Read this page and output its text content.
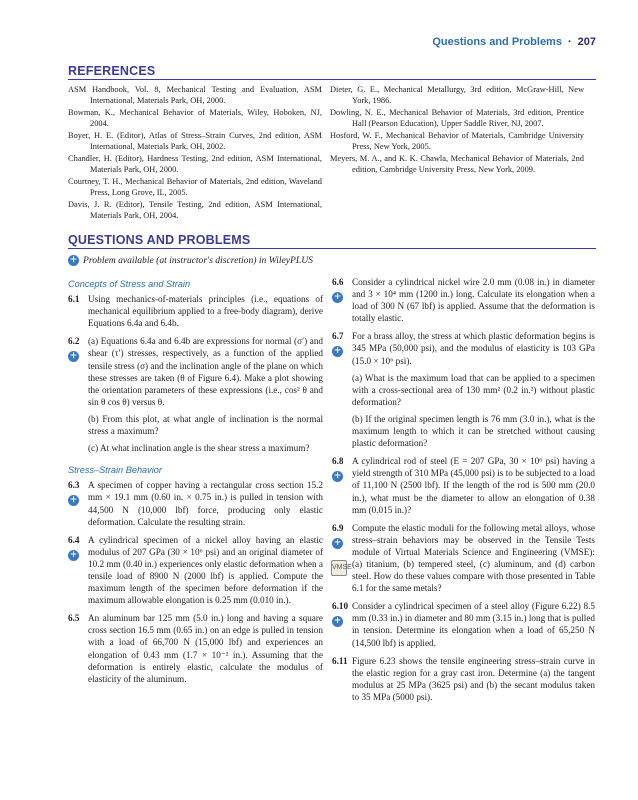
Questions and Problems · 207
REFERENCES
ASM Handbook, Vol. 8, Mechanical Testing and Evaluation, ASM International, Materials Park, OH, 2000.
Bowman, K., Mechanical Behavior of Materials, Wiley, Hoboken, NJ, 2004.
Boyer, H. E. (Editor), Atlas of Stress–Strain Curves, 2nd edition, ASM International, Materials Park, OH, 2002.
Chandler, H. (Editor), Hardness Testing, 2nd edition, ASM International, Materials Park, OH, 2000.
Courtney, T. H., Mechanical Behavior of Materials, 2nd edition, Waveland Press, Long Grove, IL, 2005.
Davis, J. R. (Editor), Tensile Testing, 2nd edition, ASM International, Materials Park, OH, 2004.
Dieter, G. E., Mechanical Metallurgy, 3rd edition, McGraw-Hill, New York, 1986.
Dowling, N. E., Mechanical Behavior of Materials, 3rd edition, Prentice Hall (Pearson Education), Upper Saddle River, NJ, 2007.
Hosford, W. F., Mechanical Behavior of Materials, Cambridge University Press, New York, 2005.
Meyers, M. A., and K. K. Chawla, Mechanical Behavior of Materials, 2nd edition, Cambridge University Press, New York, 2009.
QUESTIONS AND PROBLEMS
+ Problem available (at instructor's discretion) in WileyPLUS
Concepts of Stress and Strain
6.1 Using mechanics-of-materials principles (i.e., equations of mechanical equilibrium applied to a free-body diagram), derive Equations 6.4a and 6.4b.
6.2
+
(a) Equations 6.4a and 6.4b are expressions for normal (σ′) and shear (τ′) stresses, respectively, as a function of the applied tensile stress (σ) and the inclination angle of the plane on which these stresses are taken (θ of Figure 6.4). Make a plot showing the orientation parameters of these expressions (i.e., cos² θ and sin θ cos θ) versus θ.
(b) From this plot, at what angle of inclination is the normal stress a maximum?
(c) At what inclination angle is the shear stress a maximum?
Stress–Strain Behavior
6.3
+
A specimen of copper having a rectangular cross section 15.2 mm × 19.1 mm (0.60 in. × 0.75 in.) is pulled in tension with 44,500 N (10,000 lbf) force, producing only elastic deformation. Calculate the resulting strain.
6.4
+
A cylindrical specimen of a nickel alloy having an elastic modulus of 207 GPa (30 × 10⁶ psi) and an original diameter of 10.2 mm (0.40 in.) experiences only elastic deformation when a tensile load of 8900 N (2000 lbf) is applied. Compute the maximum length of the specimen before deformation if the maximum allowable elongation is 0.25 mm (0.010 in.).
6.5 An aluminum bar 125 mm (5.0 in.) long and having a square cross section 16.5 mm (0.65 in.) on an edge is pulled in tension with a load of 66,700 N (15,000 lbf) and experiences an elongation of 0.43 mm (1.7 × 10⁻² in.). Assuming that the deformation is entirely elastic, calculate the modulus of elasticity of the aluminum.
6.6
+
Consider a cylindrical nickel wire 2.0 mm (0.08 in.) in diameter and 3 × 10⁴ mm (1200 in.) long. Calculate its elongation when a load of 300 N (67 lbf) is applied. Assume that the deformation is totally elastic.
6.7
+
For a brass alloy, the stress at which plastic deformation begins is 345 MPa (50,000 psi), and the modulus of elasticity is 103 GPa (15.0 × 10⁶ psi).
(a) What is the maximum load that can be applied to a specimen with a cross-sectional area of 130 mm² (0.2 in.²) without plastic deformation?
(b) If the original specimen length is 76 mm (3.0 in.), what is the maximum length to which it can be stretched without causing plastic deformation?
6.8
+
A cylindrical rod of steel (E = 207 GPa, 30 × 10⁶ psi) having a yield strength of 310 MPa (45,000 psi) is to be subjected to a load of 11,100 N (2500 lbf). If the length of the rod is 500 mm (20.0 in.), what must be the diameter to allow an elongation of 0.38 mm (0.015 in.)?
6.9
+
VMSE
Compute the elastic moduli for the following metal alloys, whose stress–strain behaviors may be observed in the Tensile Tests module of Virtual Materials Science and Engineering (VMSE): (a) titanium, (b) tempered steel, (c) aluminum, and (d) carbon steel. How do these values compare with those presented in Table 6.1 for the same metals?
6.10
+
Consider a cylindrical specimen of a steel alloy (Figure 6.22) 8.5 mm (0.33 in.) in diameter and 80 mm (3.15 in.) long that is pulled in tension. Determine its elongation when a load of 65,250 N (14,500 lbf) is applied.
6.11 Figure 6.23 shows the tensile engineering stress–strain curve in the elastic region for a gray cast iron. Determine (a) the tangent modulus at 25 MPa (3625 psi) and (b) the secant modulus taken to 35 MPa (5000 psi).
